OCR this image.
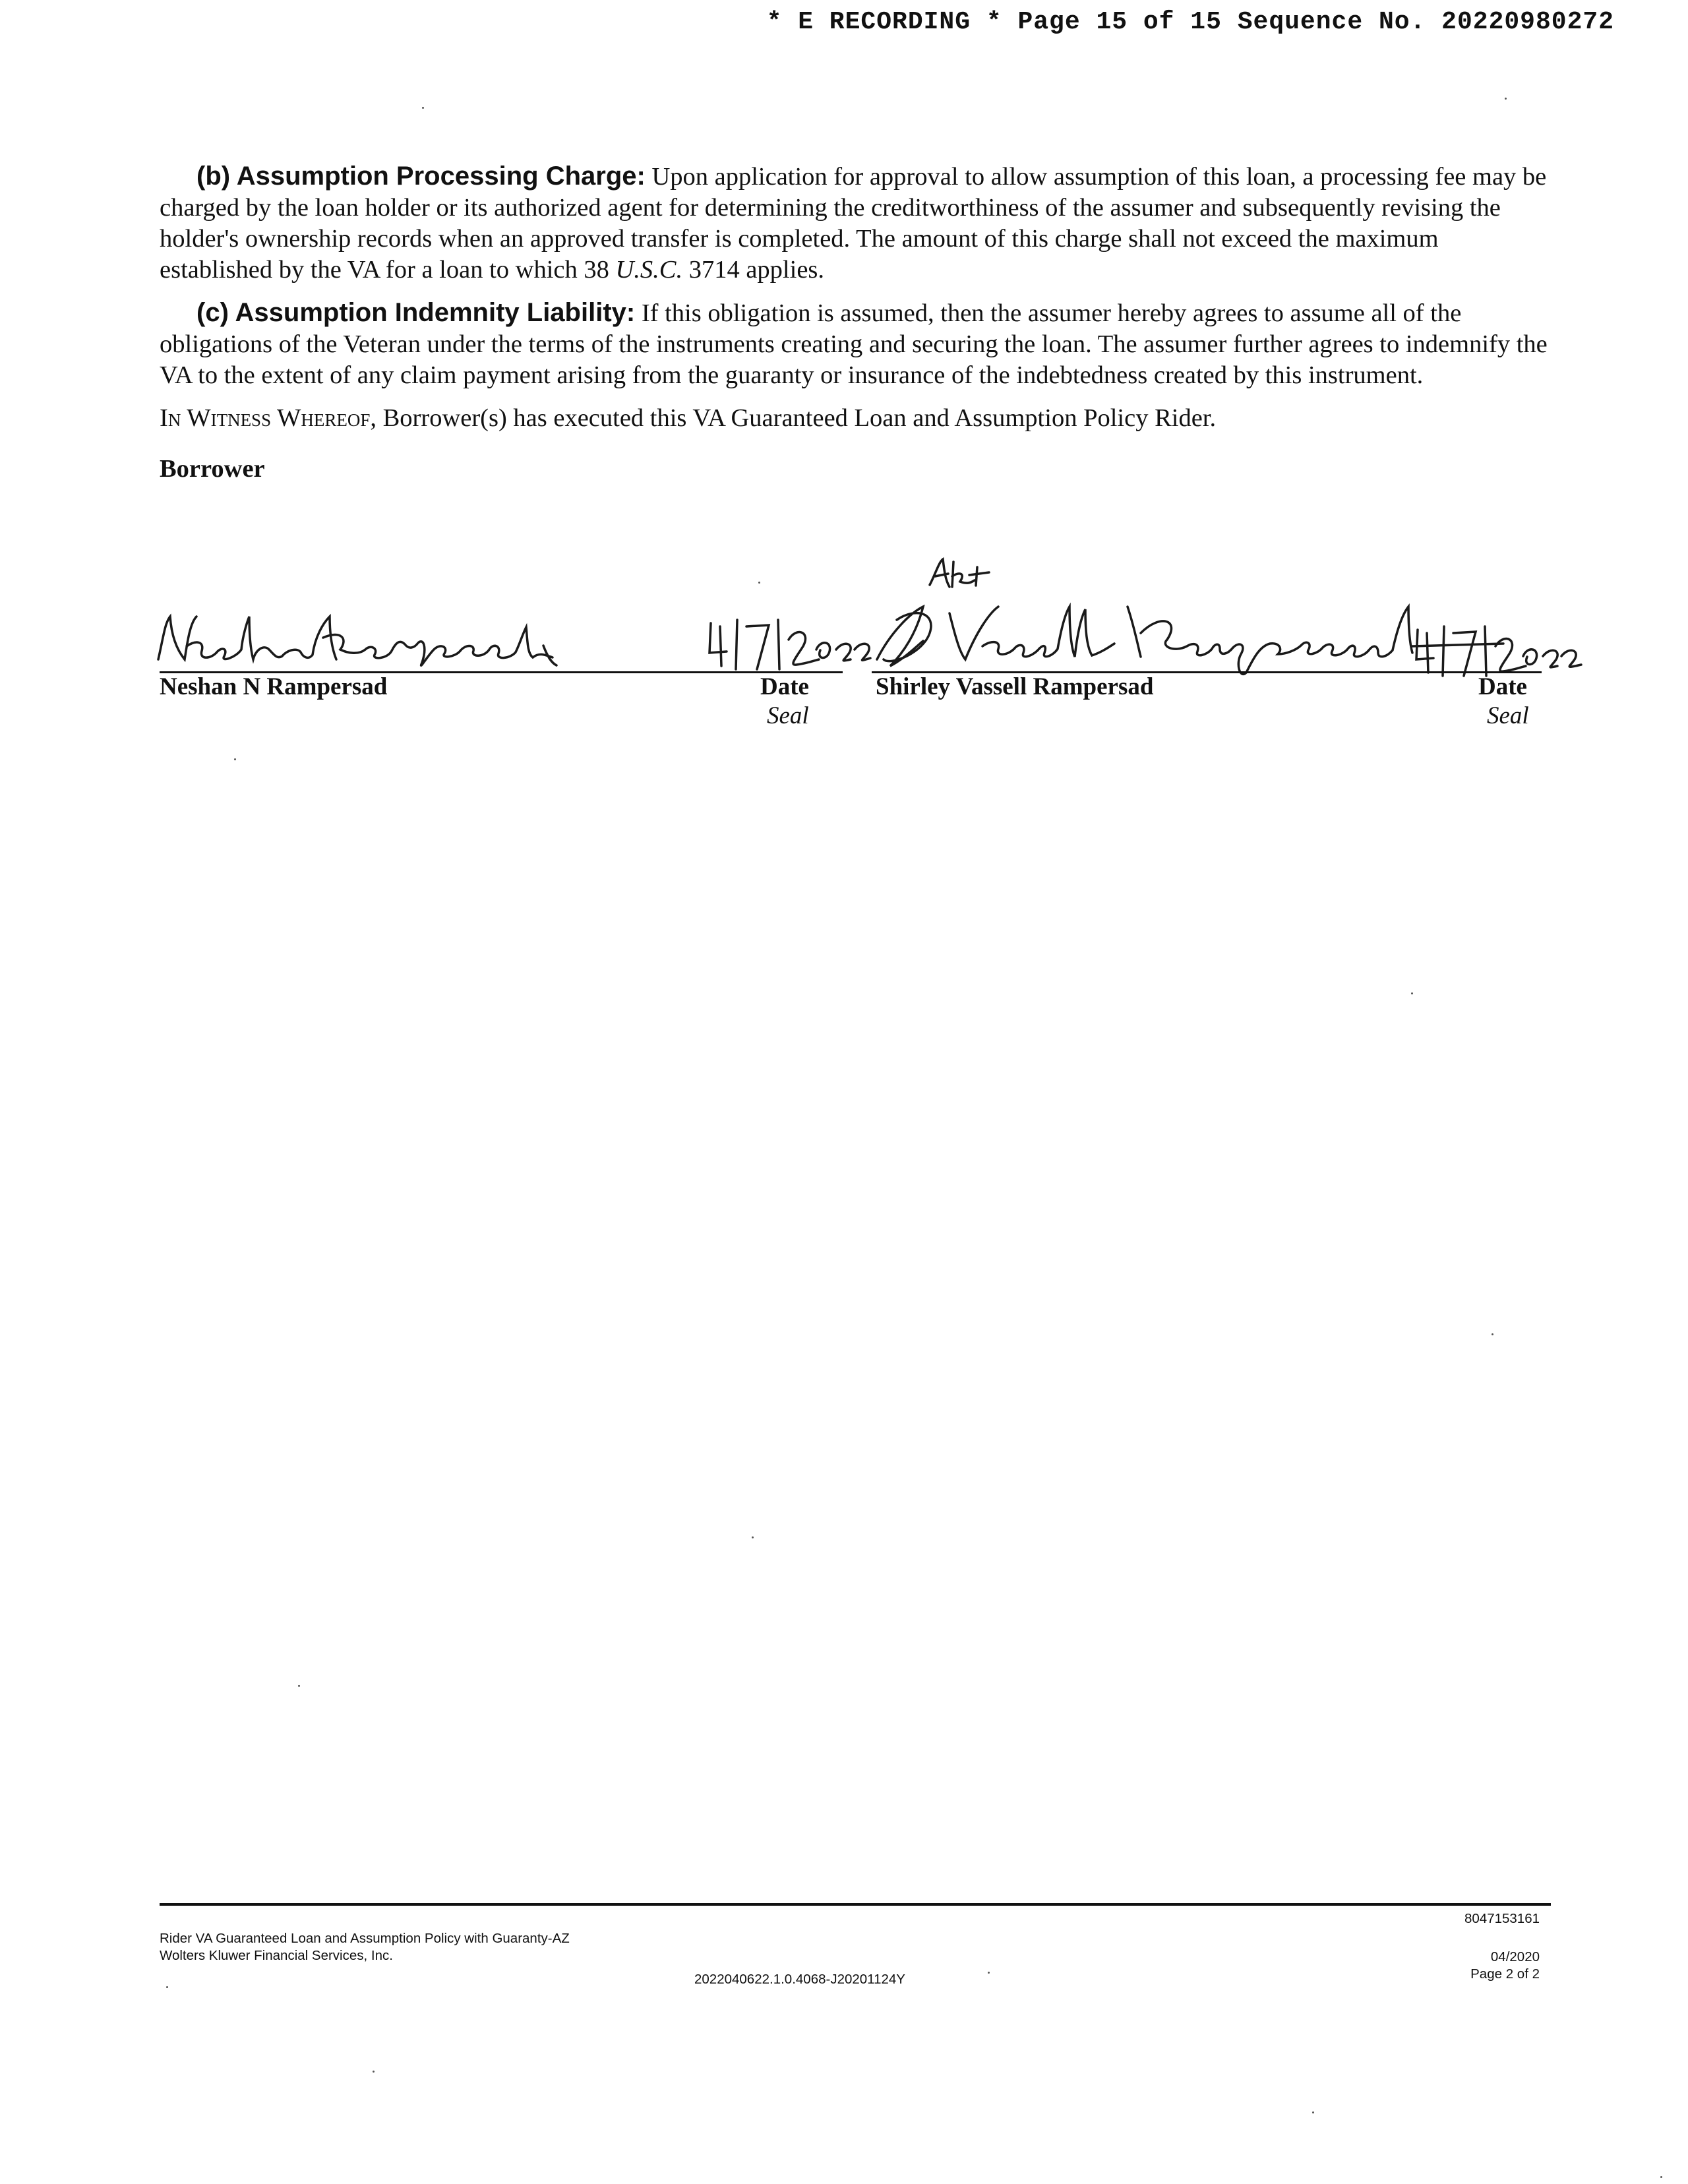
* E RECORDING * Page 15 of 15 Sequence No. 20220980272

(b) Assumption Processing Charge: Upon application for approval to allow assumption of this loan, a processing fee may be charged by the loan holder or its authorized agent for determining the creditworthiness of the assumer and subsequently revising the holder's ownership records when an approved transfer is completed. The amount of this charge shall not exceed the maximum established by the VA for a loan to which 38 U.S.C. 3714 applies.

(c) Assumption Indemnity Liability: If this obligation is assumed, then the assumer hereby agrees to assume all of the obligations of the Veteran under the terms of the instruments creating and securing the loan. The assumer further agrees to indemnify the VA to the extent of any claim payment arising from the guaranty or insurance of the indebtedness created by this instrument.

In Witness Whereof, Borrower(s) has executed this VA Guaranteed Loan and Assumption Policy Rider.

Borrower
Neshan N Rampersad	Date
Seal
Shirley Vassell Rampersad	Date
Seal
Rider VA Guaranteed Loan and Assumption Policy with Guaranty-AZ
Wolters Kluwer Financial Services, Inc.
2022040622.1.0.4068-J20201124Y
8047153161
04/2020
Page 2 of 2
